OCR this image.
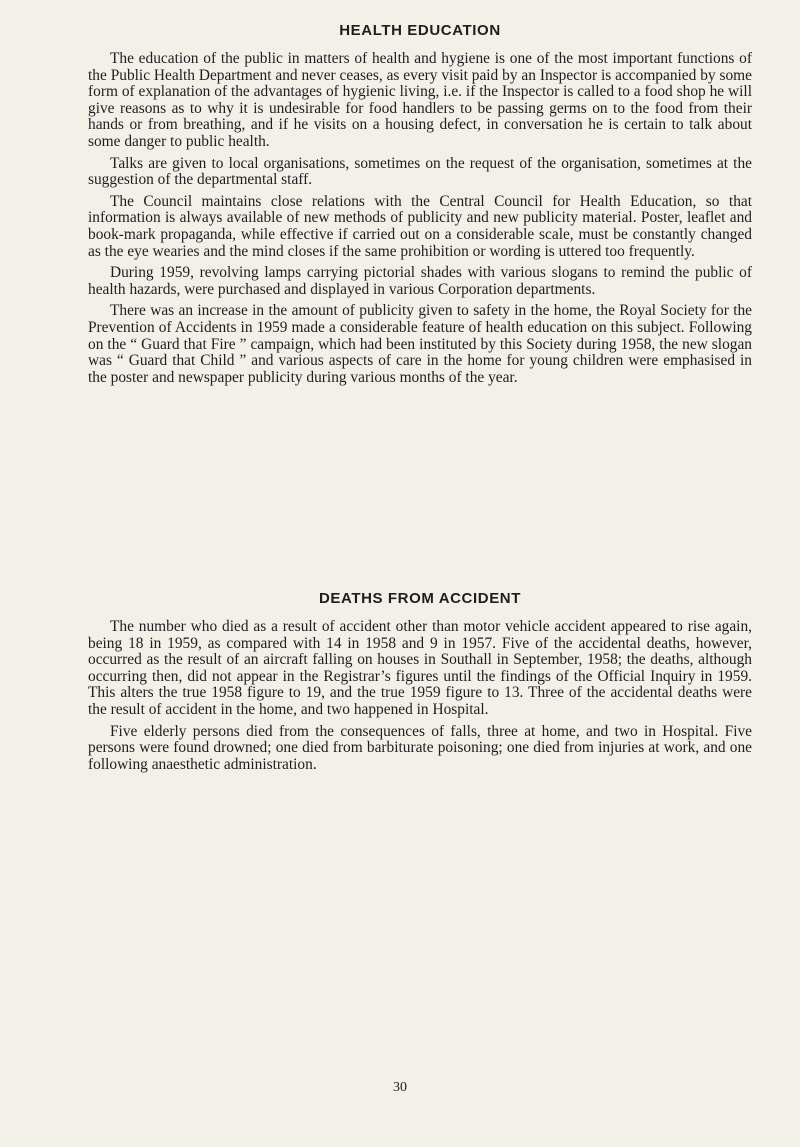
HEALTH EDUCATION

The education of the public in matters of health and hygiene is one of the most important functions of the Public Health Department and never ceases, as every visit paid by an Inspector is accompanied by some form of explanation of the advantages of hygienic living, i.e. if the Inspector is called to a food shop he will give reasons as to why it is undesirable for food handlers to be passing germs on to the food from their hands or from breathing, and if he visits on a housing defect, in conversation he is certain to talk about some danger to public health.

Talks are given to local organisations, sometimes on the request of the organisation, sometimes at the suggestion of the departmental staff.

The Council maintains close relations with the Central Council for Health Education, so that information is always available of new methods of publicity and new publicity material. Poster, leaflet and book-mark propaganda, while effective if carried out on a considerable scale, must be constantly changed as the eye wearies and the mind closes if the same prohibition or wording is uttered too frequently.

During 1959, revolving lamps carrying pictorial shades with various slogans to remind the public of health hazards, were purchased and displayed in various Corporation departments.

There was an increase in the amount of publicity given to safety in the home, the Royal Society for the Prevention of Accidents in 1959 made a considerable feature of health education on this subject. Following on the “ Guard that Fire ” campaign, which had been instituted by this Society during 1958, the new slogan was “ Guard that Child ” and various aspects of care in the home for young children were emphasised in the poster and newspaper publicity during various months of the year.

DEATHS FROM ACCIDENT

The number who died as a result of accident other than motor vehicle accident appeared to rise again, being 18 in 1959, as compared with 14 in 1958 and 9 in 1957. Five of the accidental deaths, however, occurred as the result of an aircraft falling on houses in Southall in September, 1958; the deaths, although occurring then, did not appear in the Registrar’s figures until the findings of the Official Inquiry in 1959. This alters the true 1958 figure to 19, and the true 1959 figure to 13. Three of the accidental deaths were the result of accident in the home, and two happened in Hospital.

Five elderly persons died from the consequences of falls, three at home, and two in Hospital. Five persons were found drowned; one died from barbiturate poisoning; one died from injuries at work, and one following anaesthetic administration.

30
